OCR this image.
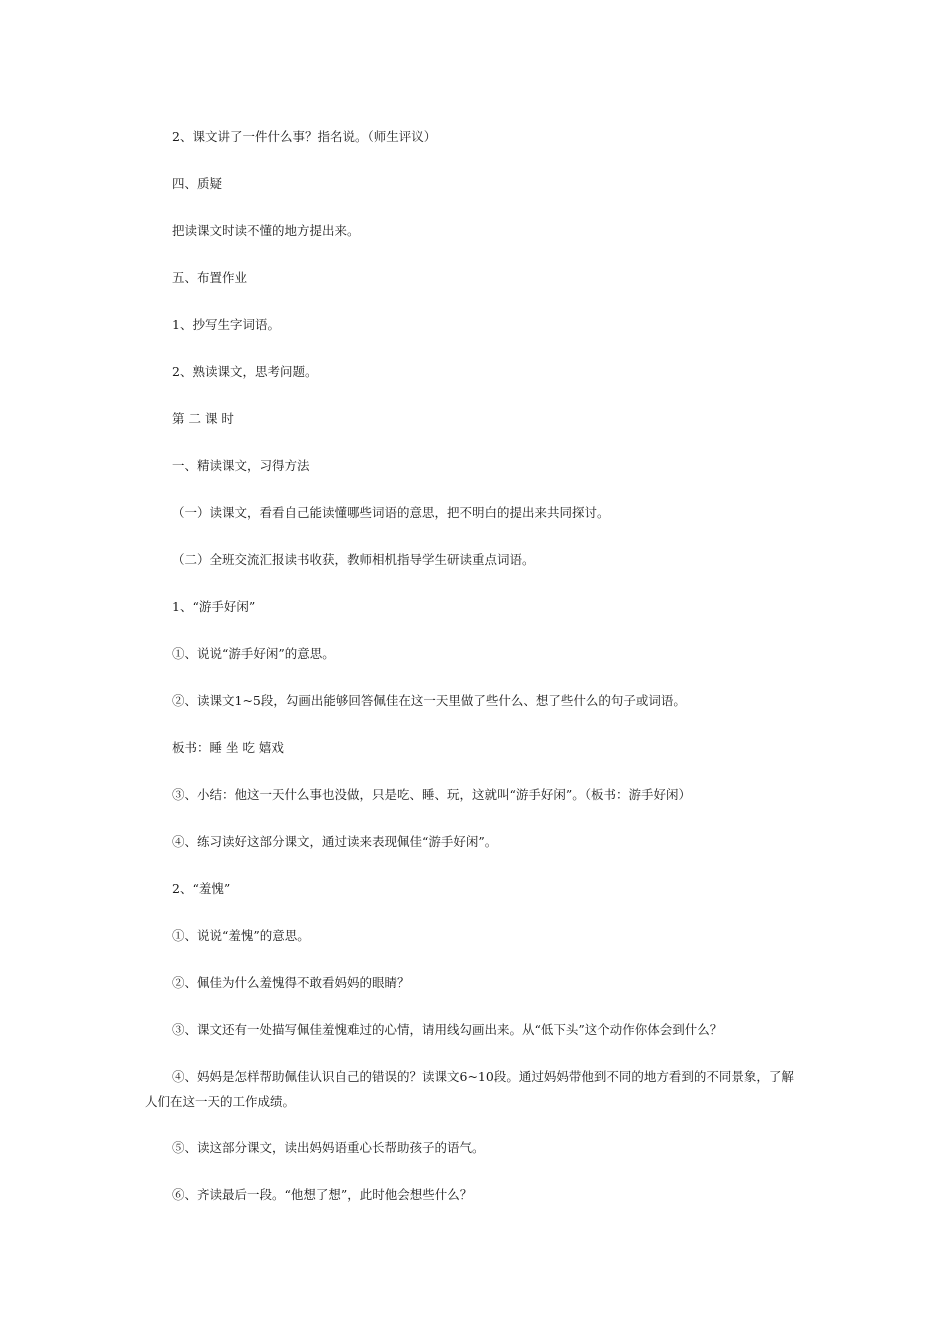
2、课文讲了一件什么事？指名说。（师生评议）

四、质疑

把读课文时读不懂的地方提出来。

五、布置作业

1、抄写生字词语。

2、熟读课文，思考问题。

第 二 课 时

一、精读课文，习得方法

（一）读课文，看看自己能读懂哪些词语的意思，把不明白的提出来共同探讨。

（二）全班交流汇报读书收获，教师相机指导学生研读重点词语。

1、“游手好闲”

①、说说“游手好闲”的意思。

②、读课文1~5段，勾画出能够回答佩佳在这一天里做了些什么、想了些什么的句子或词语。

板书：睡 坐 吃 嬉戏

③、小结：他这一天什么事也没做，只是吃、睡、玩，这就叫“游手好闲”。（板书：游手好闲）

④、练习读好这部分课文，通过读来表现佩佳“游手好闲”。

2、“羞愧”

①、说说“羞愧”的意思。

②、佩佳为什么羞愧得不敢看妈妈的眼睛？

③、课文还有一处描写佩佳羞愧难过的心情，请用线勾画出来。从“低下头”这个动作你体会到什么？

④、妈妈是怎样帮助佩佳认识自己的错误的？读课文6~10段。通过妈妈带他到不同的地方看到的不同景象，了解人们在这一天的工作成绩。

⑤、读这部分课文，读出妈妈语重心长帮助孩子的语气。

⑥、齐读最后一段。“他想了想”，此时他会想些什么？
